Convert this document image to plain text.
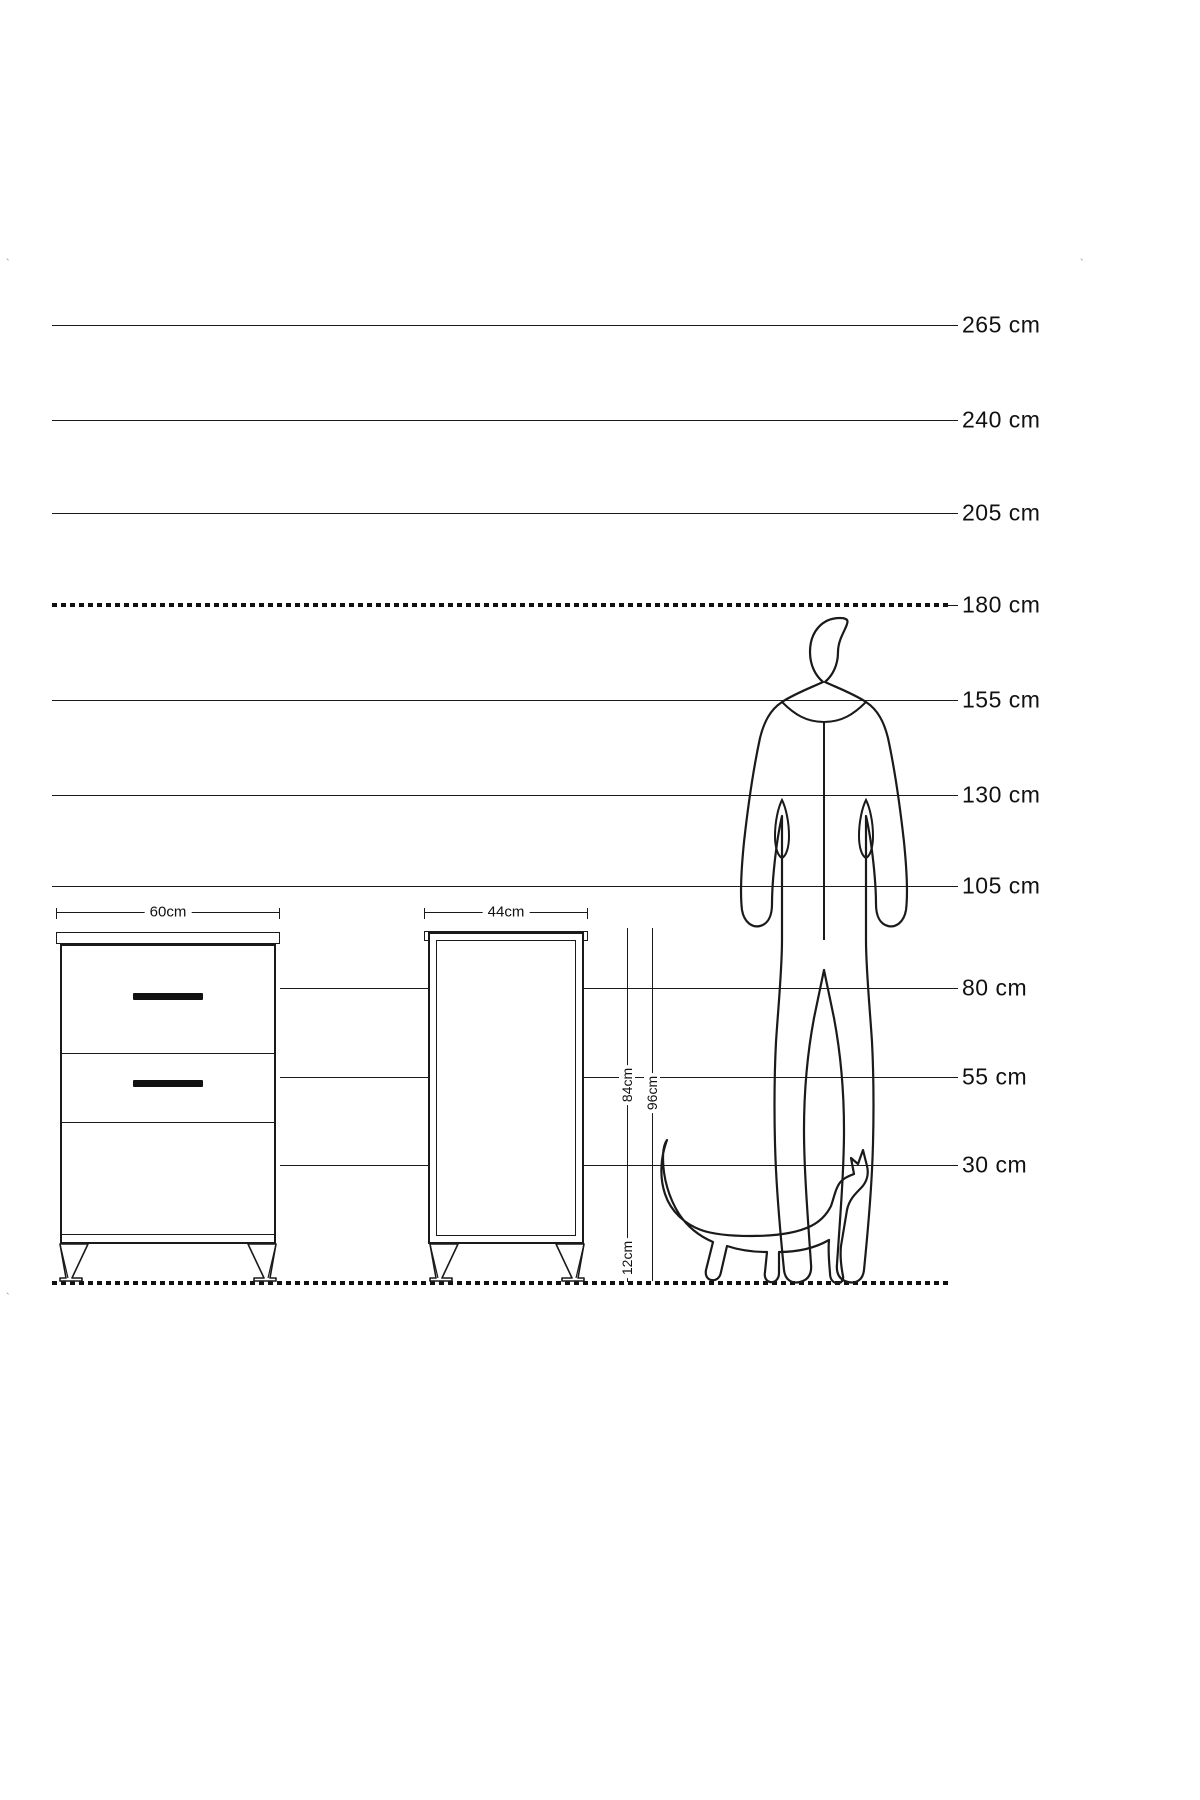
`	`
`
265 cm
240 cm
205 cm
180 cm
155 cm
130 cm
105 cm
80 cm
55 cm
30 cm
60cm	44cm
84cm 96cm
12cm
